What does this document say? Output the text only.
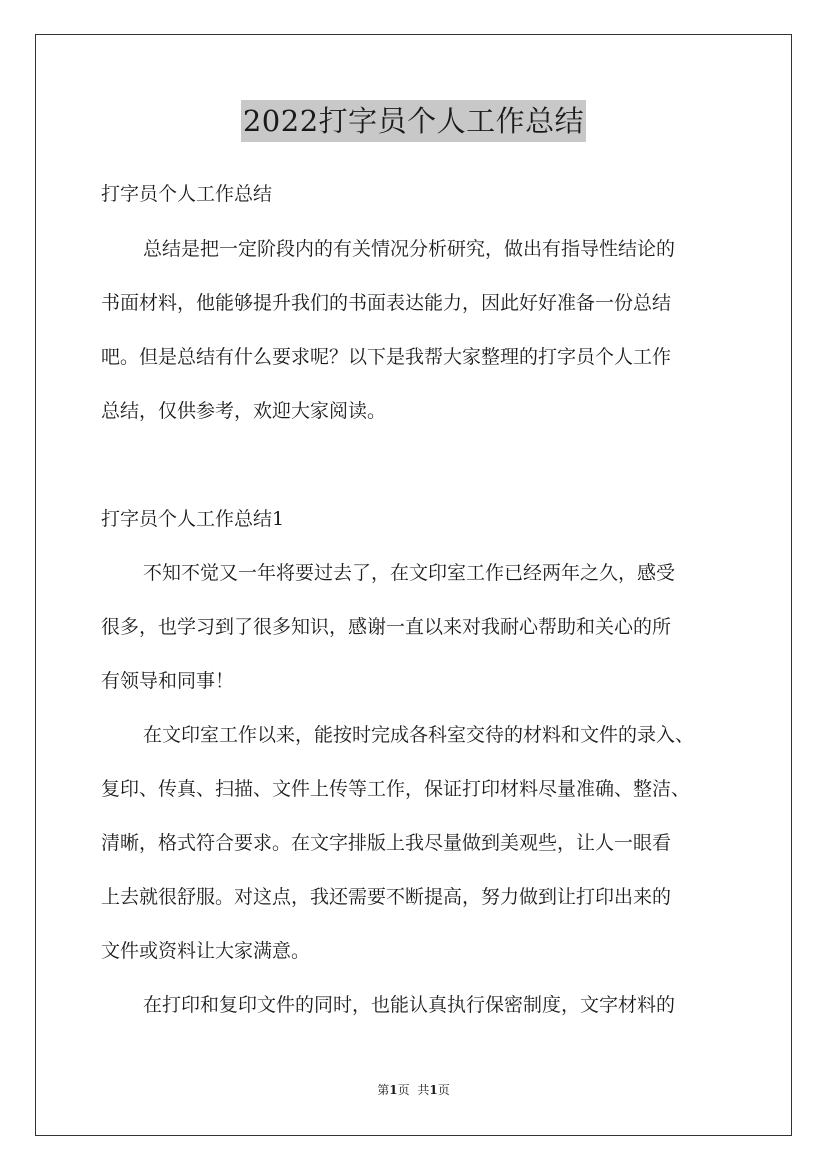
2022打字员个人工作总结
打字员个人工作总结
总结是把一定阶段内的有关情况分析研究，做出有指导性结论的
书面材料，他能够提升我们的书面表达能力，因此好好准备一份总结
吧。但是总结有什么要求呢？以下是我帮大家整理的打字员个人工作
总结，仅供参考，欢迎大家阅读。
打字员个人工作总结1
不知不觉又一年将要过去了，在文印室工作已经两年之久，感受
很多，也学习到了很多知识，感谢一直以来对我耐心帮助和关心的所
有领导和同事！
在文印室工作以来，能按时完成各科室交待的材料和文件的录入、
复印、传真、扫描、文件上传等工作，保证打印材料尽量准确、整洁、
清晰，格式符合要求。在文字排版上我尽量做到美观些，让人一眼看
上去就很舒服。对这点，我还需要不断提高，努力做到让打印出来的
文件或资料让大家满意。
在打印和复印文件的同时，也能认真执行保密制度，文字材料的
第1页 共1页
